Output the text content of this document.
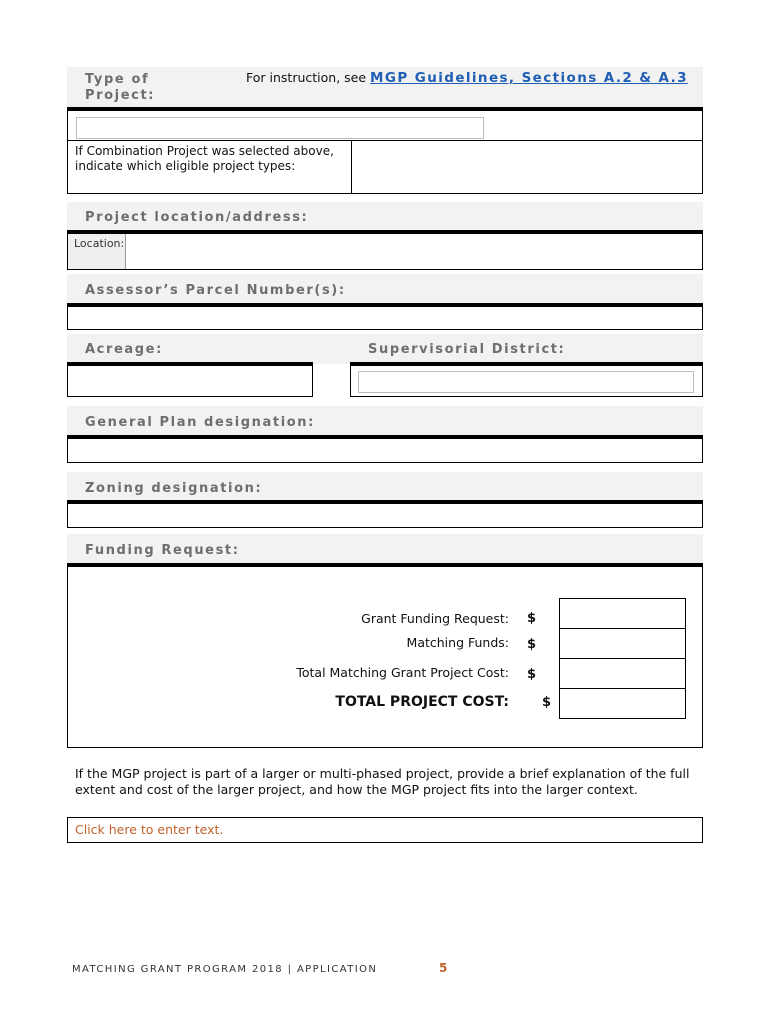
Type of Project:
For instruction, see MGP Guidelines, Sections A.2 & A.3
If Combination Project was selected above, indicate which eligible project types:
Project location/address:
Location:
Assessor’s Parcel Number(s):
Acreage:	Supervisorial District:
General Plan designation:
Zoning designation:
Funding Request:
Grant Funding Request: $
Matching Funds: $
Total Matching Grant Project Cost: $
TOTAL PROJECT COST:	$
If the MGP project is part of a larger or multi-phased project, provide a brief explanation of the full extent and cost of the larger project, and how the MGP project fits into the larger context.
Click here to enter text.
MATCHING GRANT PROGRAM 2018 | APPLICATION	5
